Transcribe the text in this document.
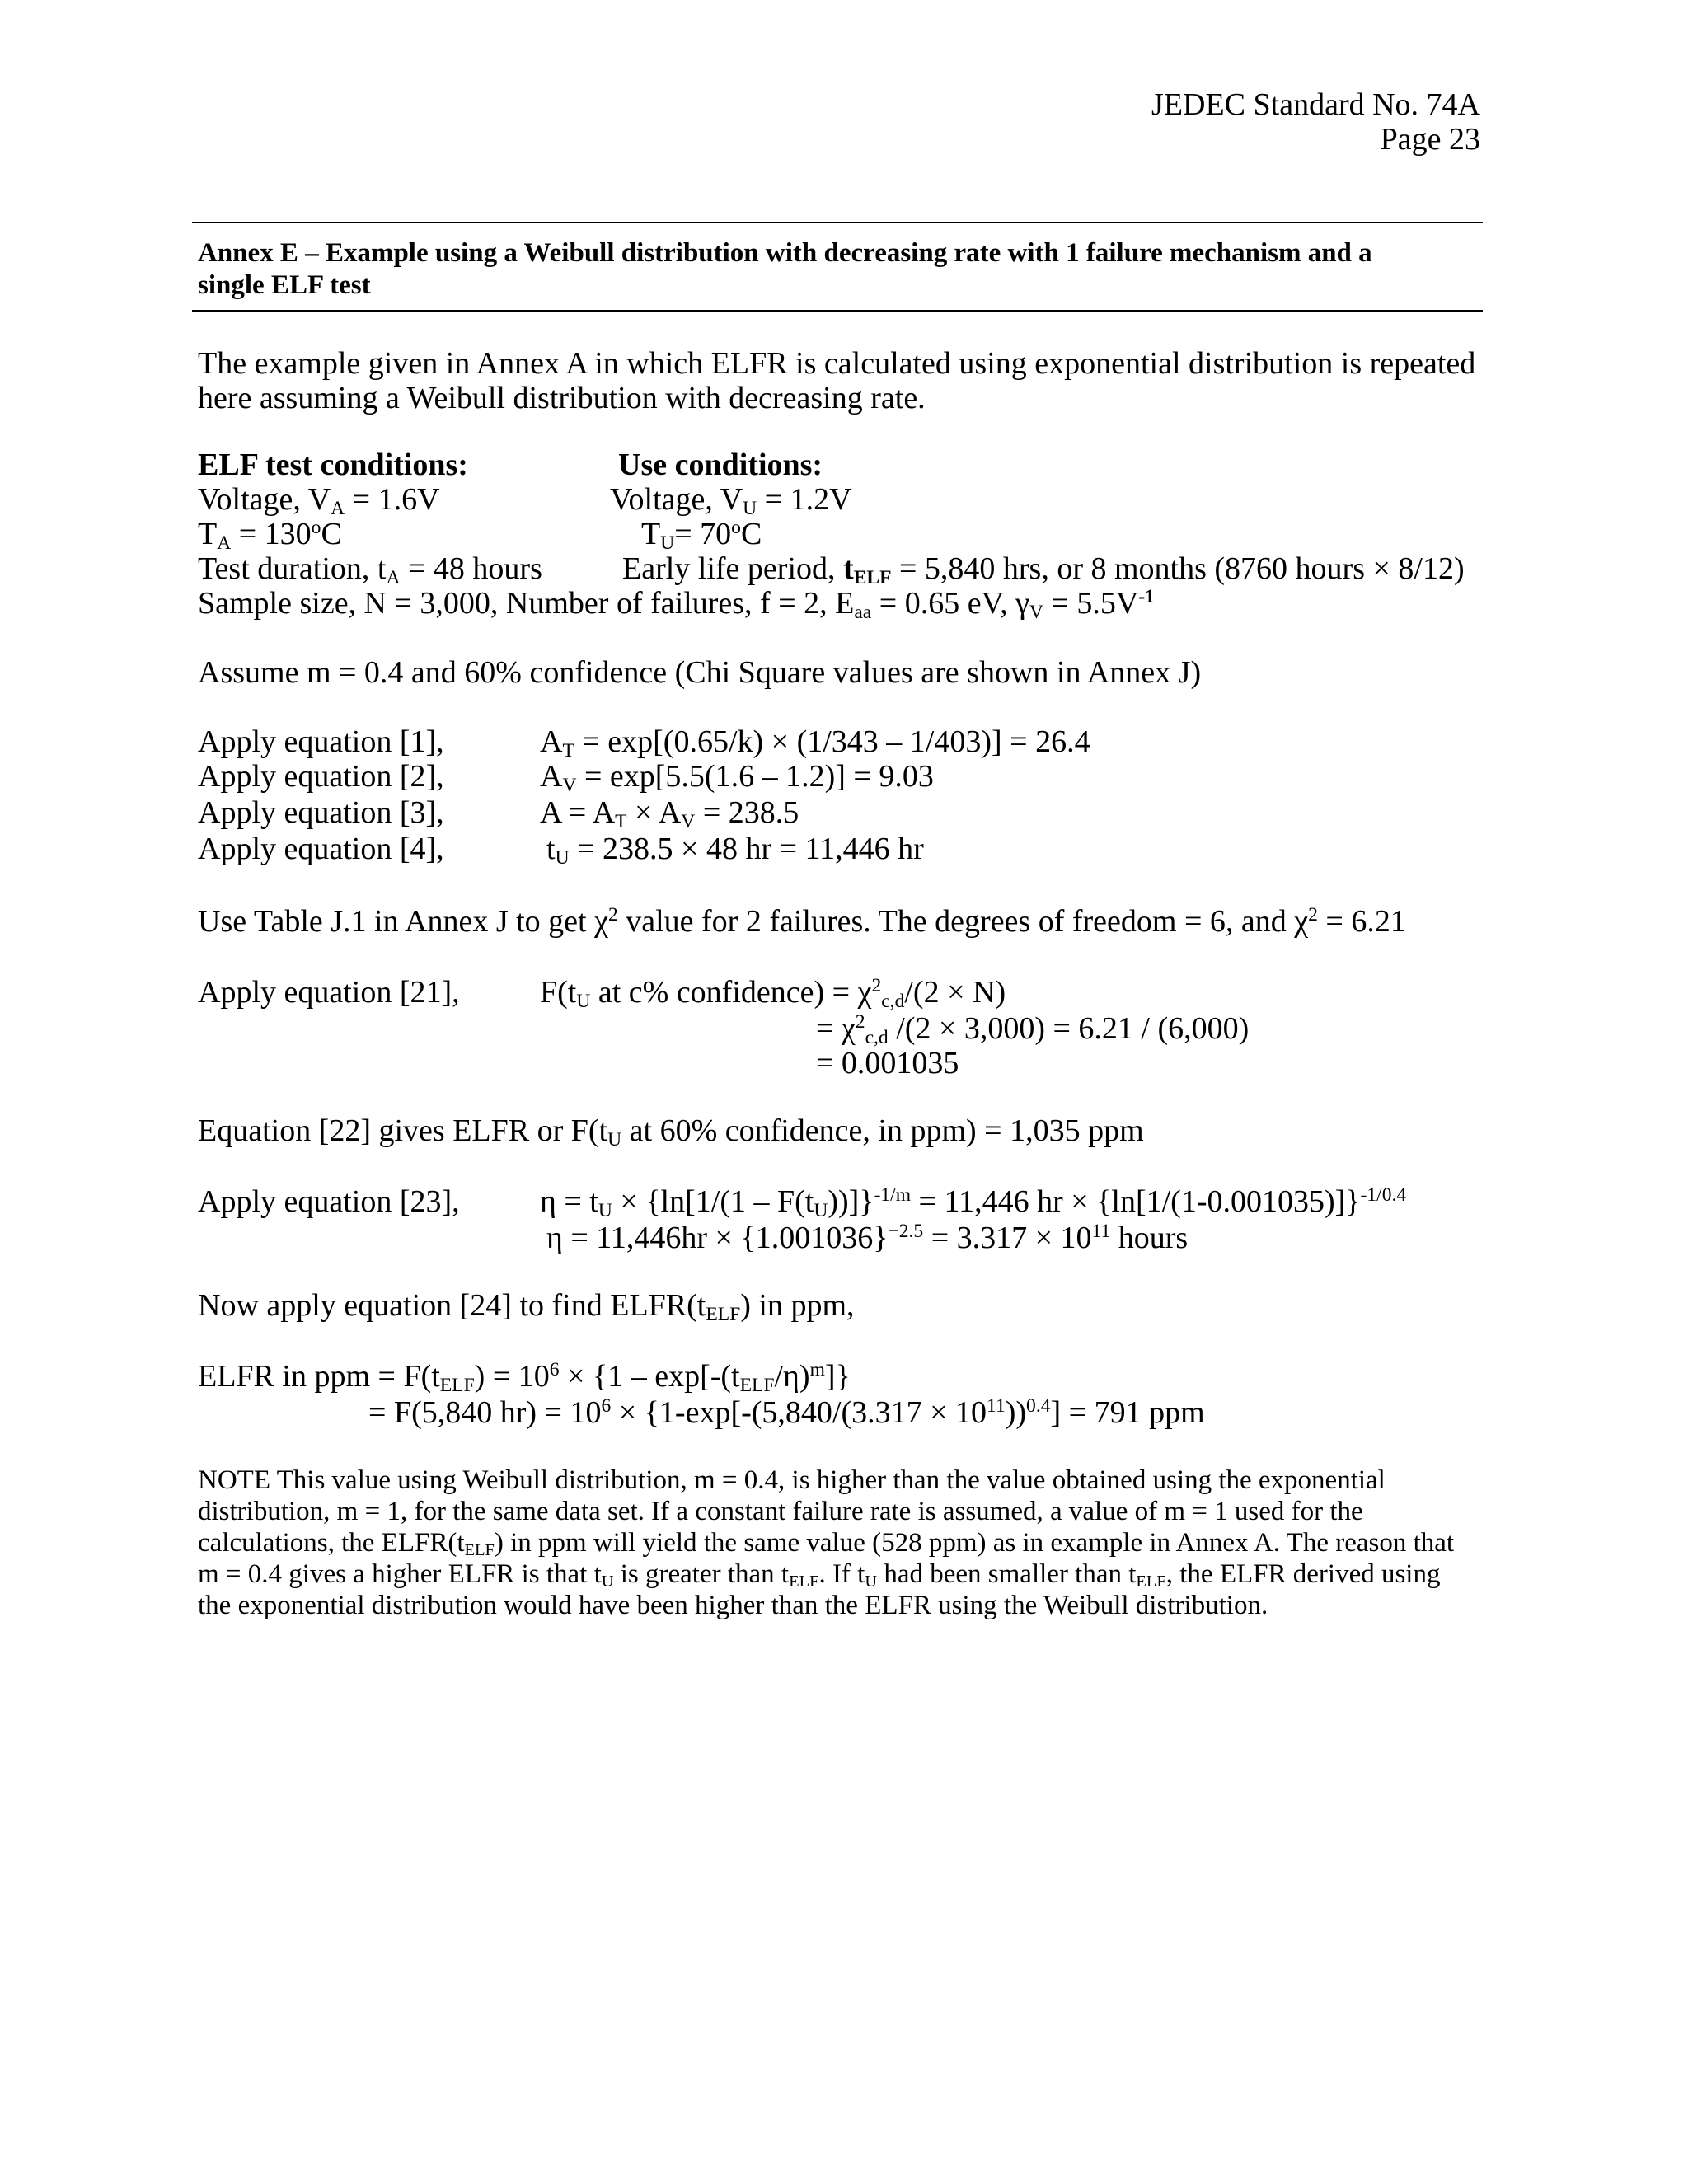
JEDEC Standard No. 74A
Page 23
Annex E – Example using a Weibull distribution with decreasing rate with 1 failure mechanism and a
single ELF test
The example given in Annex A in which ELFR is calculated using exponential distribution is repeated
here assuming a Weibull distribution with decreasing rate.
ELF test conditions:	Use conditions:
Voltage, $V_A = 1.6V$	Voltage, $V_U = 1.2V$
$T_A = 130^oC$	$T_U= 70^oC$
Test duration, $t_A = 48$ hours	Early life period, $t_{ELF} = 5,840$ hrs, or 8 months (8760 hours × 8/12)
Sample size, N = 3,000, Number of failures, f = 2, $E_{aa} = 0.65$ eV, $\gamma_V = 5.5V^{-1}$
Assume m = 0.4 and 60% confidence (Chi Square values are shown in Annex J)
Apply equation [1],	$A_T = \exp[(0.65/k) \times (1/343 - 1/403)] = 26.4$
Apply equation [2],	$A_V = \exp[5.5(1.6 - 1.2)] = 9.03$
Apply equation [3],	$A = A_T \times A_V = 238.5$
Apply equation [4],	$t_U = 238.5 \times 48$ hr = 11,446 hr
Use Table J.1 in Annex J to get $\chi^2$ value for 2 failures. The degrees of freedom = 6, and $\chi^2 = 6.21$
Apply equation [21],	$F(t_U$ at c% confidence) = $\chi^2_{c,d}/(2 \times N)$
= $\chi^2_{c,d}$ /(2 × 3,000) = 6.21 / (6,000)
= 0.001035
Equation [22] gives ELFR or $F(t_U$ at 60% confidence, in ppm) = 1,035 ppm
Apply equation [23],	$\eta = t_U \times \{\ln[1/(1 - F(t_U))]\}^{-1/m} = 11,446$ hr × $\{\ln[1/(1-0.001035)]\}^{-1/0.4}$
$\eta = 11,446hr \times \{1.001036\}^{-2.5} = 3.317 \times 10^{11}$ hours
Now apply equation [24] to find $ELFR(t_{ELF})$ in ppm,
ELFR in ppm = $F(t_{ELF}) = 10^6 \times \{1 - \exp[-(t_{ELF}/\eta)^m]\}$
= F(5,840 $hr) = 10^6 \times \{1-\exp[-(5,840/(3.317 \times 10^{11}))^{0.4}] = 791$ ppm
NOTE This value using Weibull distribution, m = 0.4, is higher than the value obtained using the exponential
distribution, m = 1, for the same data set. If a constant failure rate is assumed, a value of m = 1 used for the
calculations, the $ELFR(t_{ELF})$ in ppm will yield the same value (528 ppm) as in example in Annex A. The reason that
m = 0.4 gives a higher ELFR is that $t_U$ is greater than $t_{ELF}$. If $t_U$ had been smaller than $t_{ELF}$, the ELFR derived using
the exponential distribution would have been higher than the ELFR using the Weibull distribution.
